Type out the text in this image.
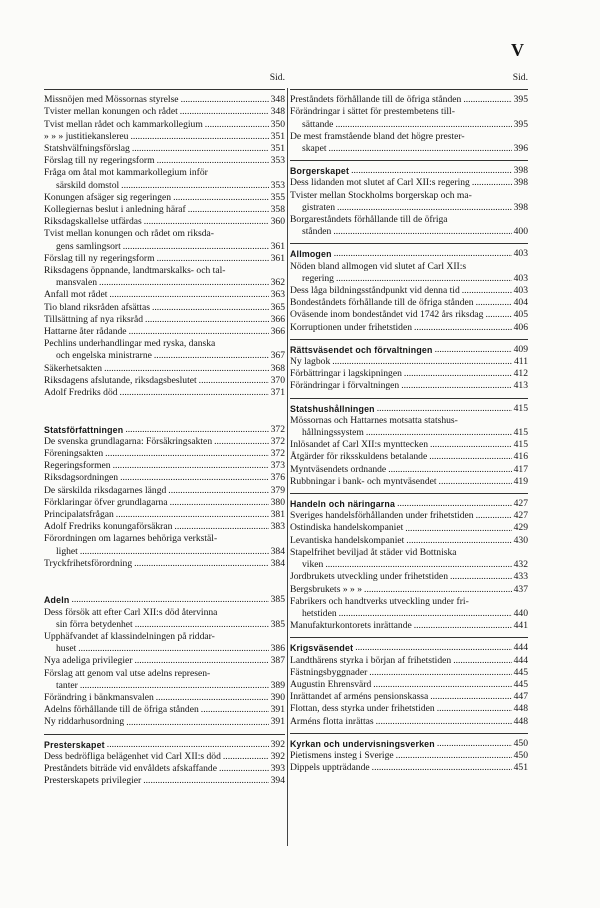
V
Sid.
Missnöjen med Mössornas styrelse . . .	348
Tvister mellan konungen och rådet . . .	348
Tvist mellan rådet och kammarkollegium . . .	350
» » » justitiekanslereu . . .	351
Statshvälfningsförslag . . .	351
Förslag till ny regeringsform . . .	353
Fråga om åtal mot kammarkollegium inför
särskild domstol . . .	353
Konungen afsäger sig regeringen . . .	355
Kollegiernas beslut i anledning häraf . . .	358
Riksdagskallelse utfärdas . . .	360
Tvist mellan konungen och rådet om riksda-
gens samlingsort . . .	361
Förslag till ny regeringsform . . .	361
Riksdagens öppnande, landtmarskalks- och tal-
mansvalen . . .	362
Anfall mot rådet . . .	363
Tio bland riksråden afsättas . . .	365
Tillsättning af nya riksråd . . .	366
Hattarne åter rådande . . .	366
Pechlins underhandlingar med ryska, danska
och engelska ministrarne . . .	367
Säkerhetsakten . . .	368
Riksdagens afslutande, riksdagsbeslutet . . .	370
Adolf Fredriks död . . .	371
Statsförfattningen . . .	372
De svenska grundlagarna: Försäkringsakten . . .	372
Föreningsakten . . .	372
Regeringsformen . . .	373
Riksdagsordningen . . .	376
De särskilda riksdagarnes längd . . .	379
Förklaringar öfver grundlagarna . . .	380
Principalatsfrågan . . .	381
Adolf Fredriks konungaförsäkran . . .	383
Förordningen om lagarnes behöriga verkstäl-
lighet . . .	384
Tryckfrihetsförordning . . .	384
Adeln . . .	385
Dess försök att efter Carl XII:s död återvinna
sin förra betydenhet . . .	385
Upphäfvandet af klassindelningen på riddar-
huset . . .	386
Nya adeliga privilegier . . .	387
Förslag att genom val utse adelns represen-
tanter . . .	389
Förändring i bänkmansvalen . . .	390
Adelns förhållande till de öfriga stånden . . .	391
Ny riddarhusordning . . .	391
Presterskapet . . .	392
Dess bedröfliga belägenhet vid Carl XII:s död . . .	392
Preståndets biträde vid envåldets afskaffande . . .	393
Presterskapets privilegier . . .	394
Sid.
Preståndets förhållande till de öfriga stånden . . .	395
Förändringar i sättet för prestembetens till-
sättande . . .	395
De mest framstående bland det högre prester-
skapet . . .	396
Borgerskapet . . .	398
Dess lidanden mot slutet af Carl XII:s regering . . .	398
Tvister mellan Stockholms borgerskap och ma-
gistraten . . .	398
Borgareståndets förhållande till de öfriga
stånden . . .	400
Allmogen . . .	403
Nöden bland allmogen vid slutet af Carl XII:s
regering . . .	403
Dess låga bildningsståndpunkt vid denna tid . . .	403
Bondeståndets förhållande till de öfriga stånden . . .	404
Oväsende inom bondeståndet vid 1742 års riksdag . . .	405
Korruptionen under frihetstiden . . .	406
Rättsväsendet och förvaltningen . . .	409
Ny lagbok . . .	411
Förbättringar i lagskipningen . . .	412
Förändringar i förvaltningen . . .	413
Statshushållningen . . .	415
Mössornas och Hattarnes motsatta statshus-
hållningssystem . . .	415
Inlösandet af Carl XII:s mynttecken . . .	415
Åtgärder för riksskuldens betalande . . .	416
Myntväsendets ordnande . . .	417
Rubbningar i bank- och myntväsendet . . .	419
Handeln och näringarna . . .	427
Sveriges handelsförhållanden under frihetstiden . . .	427
Ostindiska handelskompaniet . . .	429
Levantiska handelskompaniet . . .	430
Stapelfrihet beviljad åt städer vid Bottniska
viken . . .	432
Jordbrukets utveckling under frihetstiden . . .	433
Bergsbrukets » » » . . .	437
Fabrikers och handtverks utveckling under fri-
hetstiden . . .	440
Manufakturkontorets inrättande . . .	441
Krigsväsendet . . .	444
Landthärens styrka i början af frihetstiden . . .	444
Fästningsbyggnader . . .	445
Augustin Ehrensvärd . . .	445
Inrättandet af arméns pensionskassa . . .	447
Flottan, dess styrka under frihetstiden . . .	448
Arméns flotta inrättas . . .	448
Kyrkan och undervisningsverken . . .	450
Pietismens insteg i Sverige . . .	450
Dippels uppträdande . . .	451
